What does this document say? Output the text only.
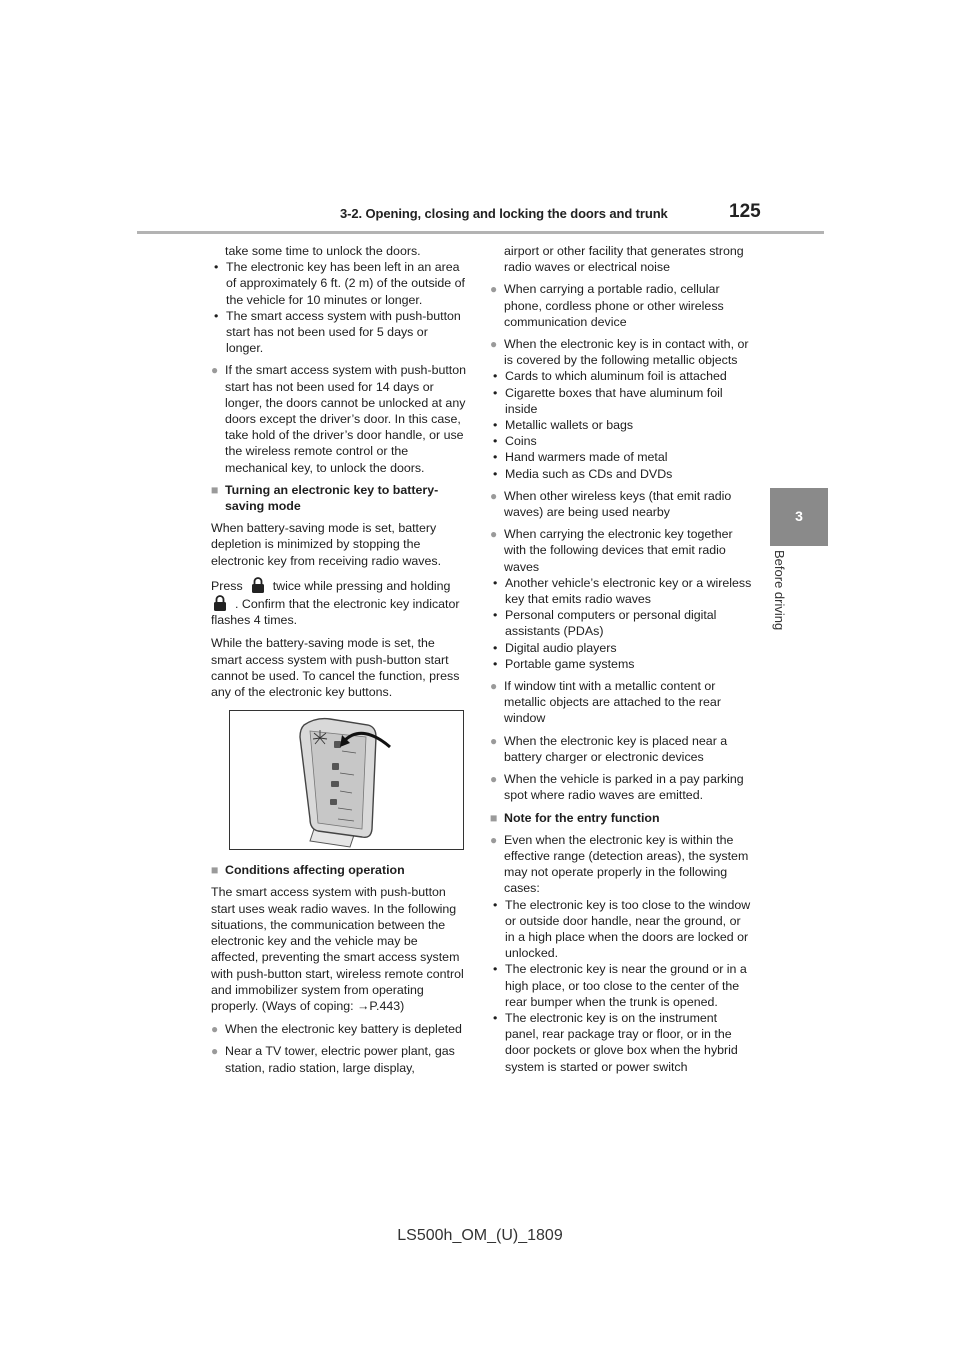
3-2. Opening, closing and locking the doors and trunk	125
3
Before driving
take some time to unlock the doors.
• The electronic key has been left in an area of approximately 6 ft. (2 m) of the outside of the vehicle for 10 minutes or longer.
• The smart access system with push-button start has not been used for 5 days or longer.
● If the smart access system with push-button start has not been used for 14 days or longer, the doors cannot be unlocked at any doors except the driver’s door. In this case, take hold of the driver’s door handle, or use the wireless remote control or the mechanical key, to unlock the doors.
■ Turning an electronic key to battery-saving mode

When battery-saving mode is set, battery depletion is minimized by stopping the electronic key from receiving radio waves.

Press twice while pressing and holding
. Confirm that the electronic key indicator flashes 4 times.

While the battery-saving mode is set, the smart access system with push-button start cannot be used. To cancel the function, press any of the electronic key buttons.

■ Conditions affecting operation

The smart access system with push-button start uses weak radio waves. In the following situations, the communication between the electronic key and the vehicle may be affected, preventing the smart access system with push-button start, wireless remote control and immobilizer system from operating properly. (Ways of coping: →P.443)

● When the electronic key battery is depleted
● Near a TV tower, electric power plant, gas station, radio station, large display,
airport or other facility that generates strong radio waves or electrical noise
● When carrying a portable radio, cellular phone, cordless phone or other wireless communication device
● When the electronic key is in contact with, or is covered by the following metallic objects
• Cards to which aluminum foil is attached
• Cigarette boxes that have aluminum foil inside
• Metallic wallets or bags
• Coins
• Hand warmers made of metal
• Media such as CDs and DVDs
● When other wireless keys (that emit radio waves) are being used nearby
● When carrying the electronic key together with the following devices that emit radio waves
• Another vehicle’s electronic key or a wireless key that emits radio waves
• Personal computers or personal digital assistants (PDAs)
• Digital audio players
• Portable game systems
● If window tint with a metallic content or metallic objects are attached to the rear window
● When the electronic key is placed near a battery charger or electronic devices
● When the vehicle is parked in a pay parking spot where radio waves are emitted.
■ Note for the entry function
● Even when the electronic key is within the effective range (detection areas), the system may not operate properly in the following cases:
• The electronic key is too close to the window or outside door handle, near the ground, or in a high place when the doors are locked or unlocked.
• The electronic key is near the ground or in a high place, or too close to the center of the rear bumper when the trunk is opened.
• The electronic key is on the instrument panel, rear package tray or floor, or in the door pockets or glove box when the hybrid system is started or power switch
LS500h_OM_(U)_1809
